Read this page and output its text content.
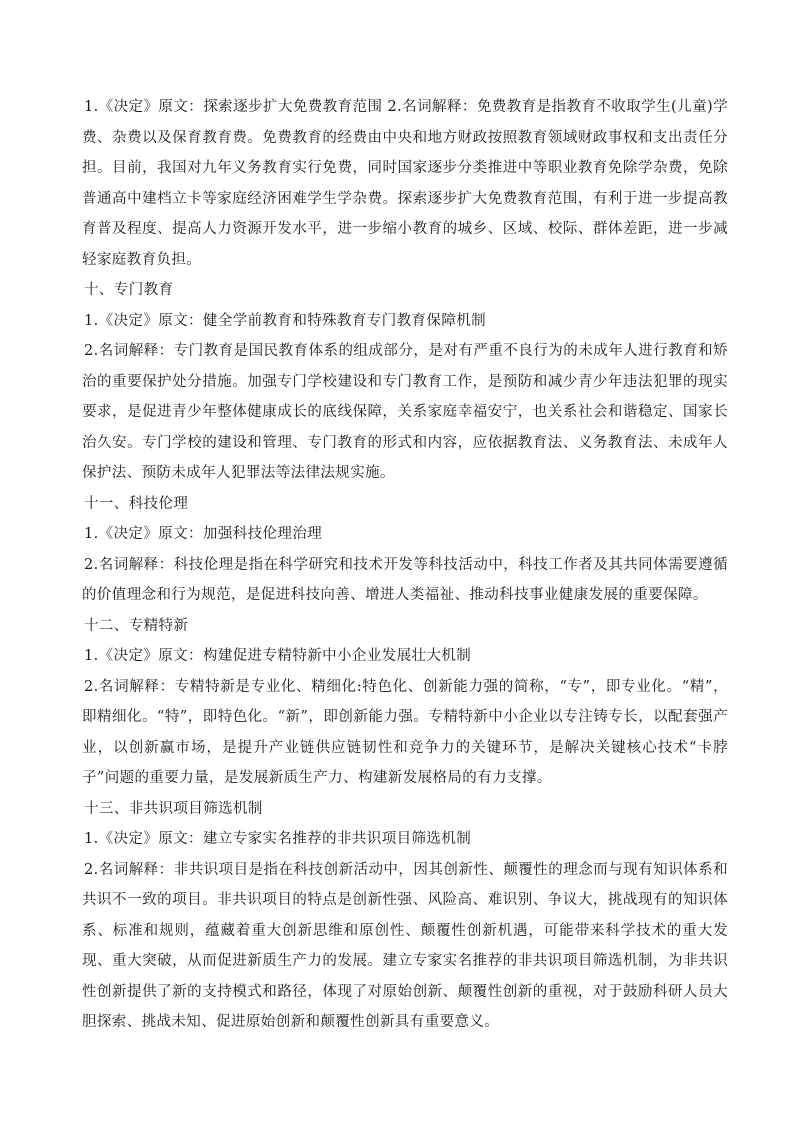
1.《决定》原文：探索逐步扩大免费教育范围 2.名词解释：免费教育是指教育不收取学生(儿童)学费、杂费以及保育教育费。免费教育的经费由中央和地方财政按照教育领域财政事权和支出责任分担。目前，我国对九年义务教育实行免费，同时国家逐步分类推进中等职业教育免除学杂费，免除普通高中建档立卡等家庭经济困难学生学杂费。探索逐步扩大免费教育范围，有利于进一步提高教育普及程度、提高人力资源开发水平，进一步缩小教育的城乡、区域、校际、群体差距，进一步减轻家庭教育负担。

十、专门教育

1.《决定》原文：健全学前教育和特殊教育专门教育保障机制

2.名词解释：专门教育是国民教育体系的组成部分，是对有严重不良行为的未成年人进行教育和矫治的重要保护处分措施。加强专门学校建设和专门教育工作，是预防和减少青少年违法犯罪的现实要求，是促进青少年整体健康成长的底线保障，关系家庭幸福安宁，也关系社会和谐稳定、国家长治久安。专门学校的建设和管理、专门教育的形式和内容，应依据教育法、义务教育法、未成年人保护法、预防未成年人犯罪法等法律法规实施。

十一、科技伦理

1.《决定》原文：加强科技伦理治理

2.名词解释：科技伦理是指在科学研究和技术开发等科技活动中，科技工作者及其共同体需要遵循的价值理念和行为规范，是促进科技向善、增进人类福祉、推动科技事业健康发展的重要保障。

十二、专精特新

1.《决定》原文：构建促进专精特新中小企业发展壮大机制

2.名词解释：专精特新是专业化、精细化:特色化、创新能力强的简称，“专”，即专业化。“精”，即精细化。“特”，即特色化。“新”，即创新能力强。专精特新中小企业以专注铸专长，以配套强产业，以创新赢市场，是提升产业链供应链韧性和竞争力的关键环节，是解决关键核心技术“卡脖子”问题的重要力量，是发展新质生产力、构建新发展格局的有力支撑。

十三、非共识项目筛选机制

1.《决定》原文：建立专家实名推荐的非共识项目筛选机制

2.名词解释：非共识项目是指在科技创新活动中，因其创新性、颠覆性的理念而与现有知识体系和共识不一致的项目。非共识项目的特点是创新性强、风险高、难识别、争议大，挑战现有的知识体系、标准和规则，蕴藏着重大创新思维和原创性、颠覆性创新机遇，可能带来科学技术的重大发现、重大突破，从而促进新质生产力的发展。建立专家实名推荐的非共识项目筛选机制，为非共识性创新提供了新的支持模式和路径，体现了对原始创新、颠覆性创新的重视，对于鼓励科研人员大胆探索、挑战未知、促进原始创新和颠覆性创新具有重要意义。
